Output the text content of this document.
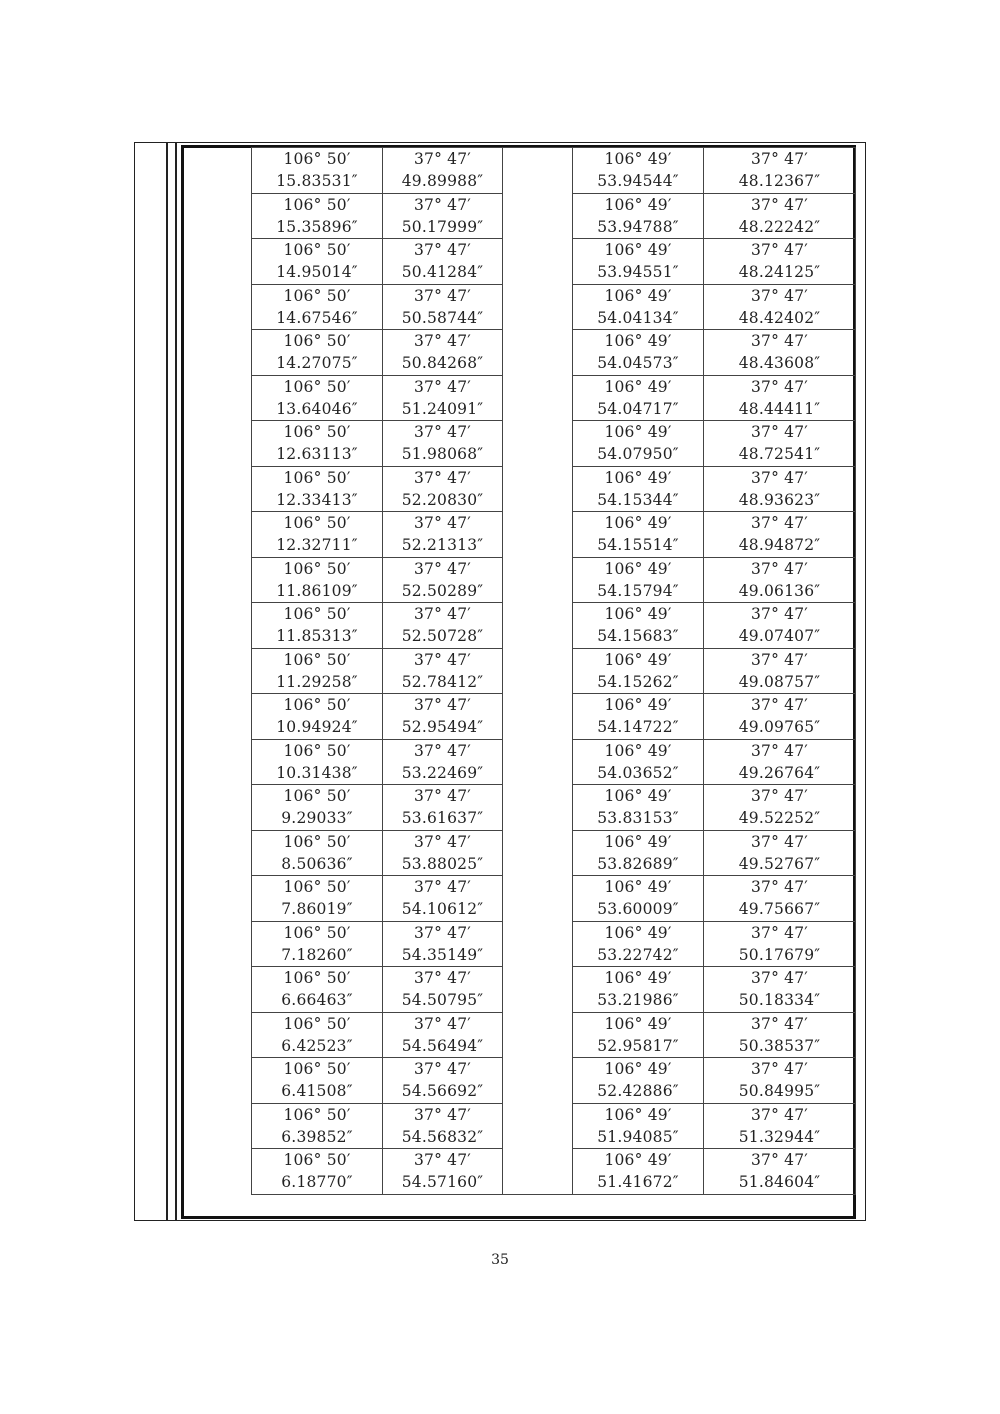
106° 50′
15.83531″	37° 47′
49.89988″		106° 49′
53.94544″	37° 47′
48.12367″

106° 50′
15.35896″	37° 47′
50.17999″		106° 49′
53.94788″	37° 47′
48.22242″

106° 50′
14.95014″	37° 47′
50.41284″		106° 49′
53.94551″	37° 47′
48.24125″

106° 50′
14.67546″	37° 47′
50.58744″		106° 49′
54.04134″	37° 47′
48.42402″

106° 50′
14.27075″	37° 47′
50.84268″		106° 49′
54.04573″	37° 47′
48.43608″

106° 50′
13.64046″	37° 47′
51.24091″		106° 49′
54.04717″	37° 47′
48.44411″

106° 50′
12.63113″	37° 47′
51.98068″		106° 49′
54.07950″	37° 47′
48.72541″

106° 50′
12.33413″	37° 47′
52.20830″		106° 49′
54.15344″	37° 47′
48.93623″

106° 50′
12.32711″	37° 47′
52.21313″		106° 49′
54.15514″	37° 47′
48.94872″

106° 50′
11.86109″	37° 47′
52.50289″		106° 49′
54.15794″	37° 47′
49.06136″

106° 50′
11.85313″	37° 47′
52.50728″		106° 49′
54.15683″	37° 47′
49.07407″

106° 50′
11.29258″	37° 47′
52.78412″		106° 49′
54.15262″	37° 47′
49.08757″

106° 50′
10.94924″	37° 47′
52.95494″		106° 49′
54.14722″	37° 47′
49.09765″

106° 50′
10.31438″	37° 47′
53.22469″		106° 49′
54.03652″	37° 47′
49.26764″

106° 50′
9.29033″	37° 47′
53.61637″		106° 49′
53.83153″	37° 47′
49.52252″

106° 50′
8.50636″	37° 47′
53.88025″		106° 49′
53.82689″	37° 47′
49.52767″

106° 50′
7.86019″	37° 47′
54.10612″		106° 49′
53.60009″	37° 47′
49.75667″

106° 50′
7.18260″	37° 47′
54.35149″		106° 49′
53.22742″	37° 47′
50.17679″

106° 50′
6.66463″	37° 47′
54.50795″		106° 49′
53.21986″	37° 47′
50.18334″

106° 50′
6.42523″	37° 47′
54.56494″		106° 49′
52.95817″	37° 47′
50.38537″

106° 50′
6.41508″	37° 47′
54.56692″		106° 49′
52.42886″	37° 47′
50.84995″

106° 50′
6.39852″	37° 47′
54.56832″		106° 49′
51.94085″	37° 47′
51.32944″

106° 50′
6.18770″	37° 47′
54.57160″		106° 49′
51.41672″	37° 47′
51.84604″
35
